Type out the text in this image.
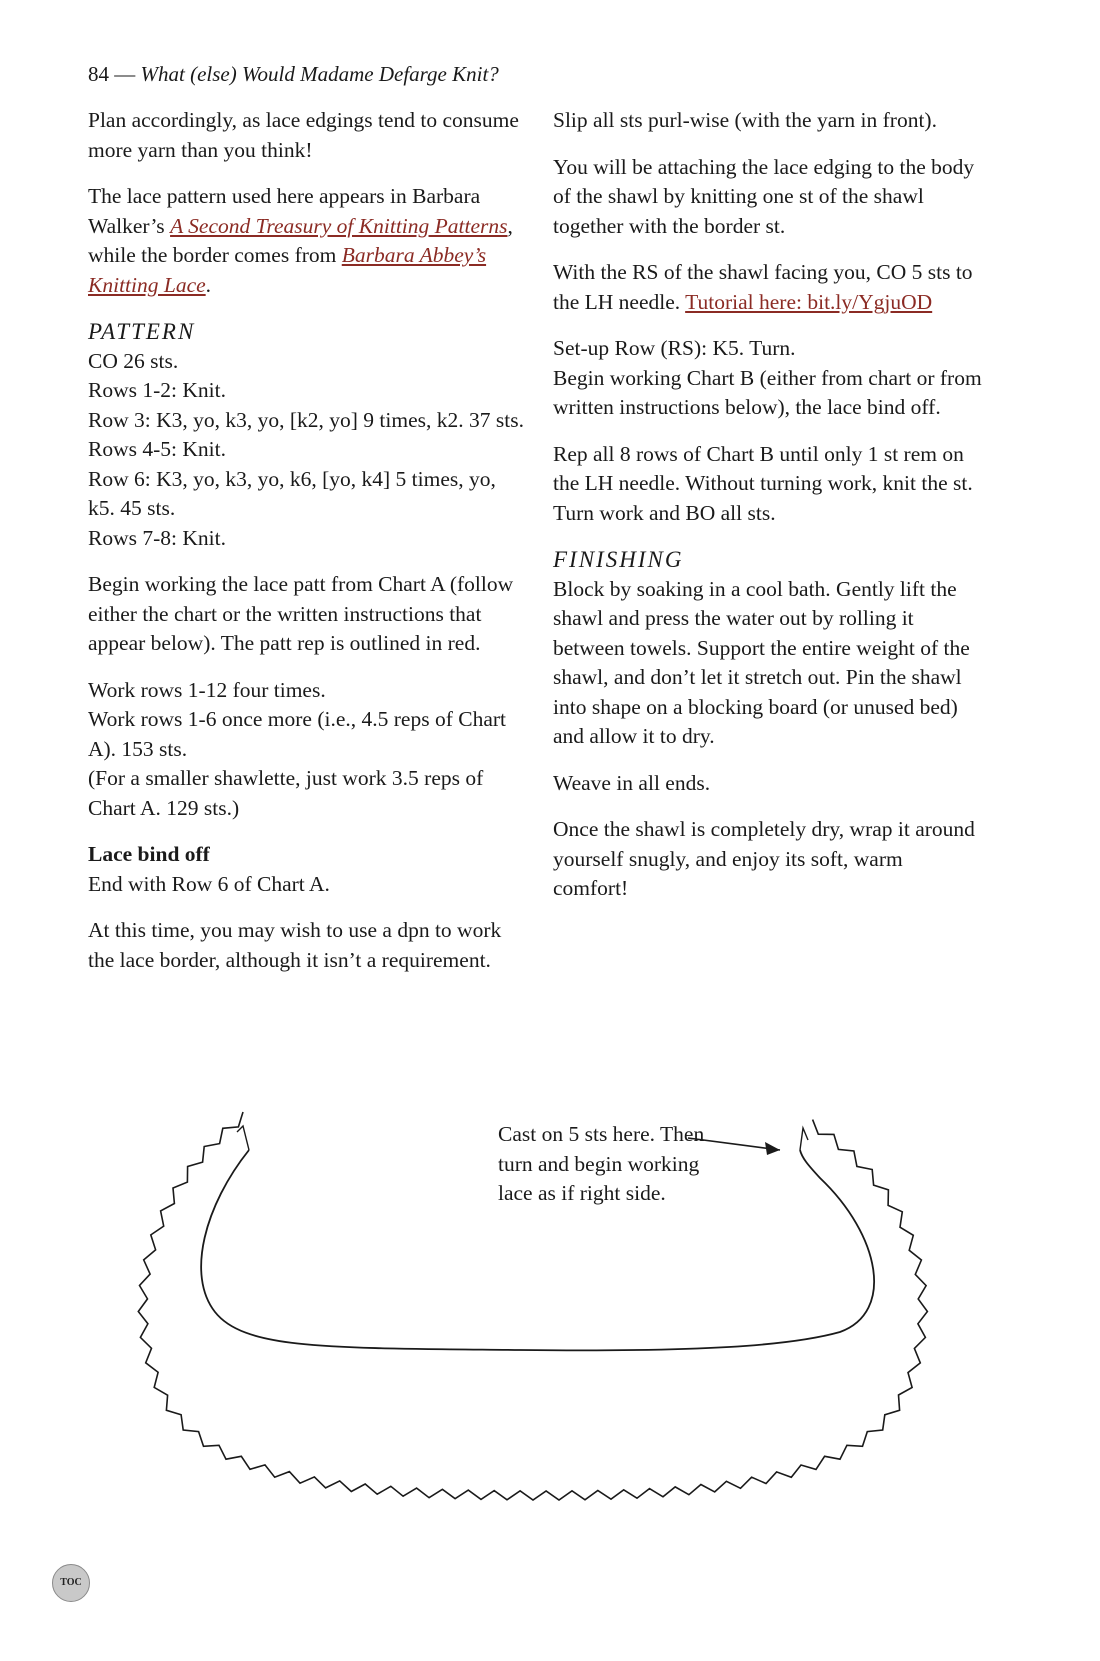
84 — What (else) Would Madame Defarge Knit?

Plan accordingly, as lace edgings tend to consume more yarn than you think!

The lace pattern used here appears in Barbara Walker’s A Second Treasury of Knitting Patterns, while the border comes from Barbara Abbey’s Knitting Lace.

PATTERN
CO 26 sts.
Rows 1-2: Knit.
Row 3: K3, yo, k3, yo, [k2, yo] 9 times, k2. 37 sts.
Rows 4-5: Knit.
Row 6: K3, yo, k3, yo, k6, [yo, k4] 5 times, yo, k5. 45 sts.
Rows 7-8: Knit.

Begin working the lace patt from Chart A (follow either the chart or the written instructions that appear below). The patt rep is outlined in red.

Work rows 1-12 four times.
Work rows 1-6 once more (i.e., 4.5 reps of Chart A). 153 sts.
(For a smaller shawlette, just work 3.5 reps of Chart A. 129 sts.)
Lace bind off
End with Row 6 of Chart A.

At this time, you may wish to use a dpn to work the lace border, although it isn’t a requirement.

Slip all sts purl-wise (with the yarn in front).

You will be attaching the lace edging to the body of the shawl by knitting one st of the shawl together with the border st.

With the RS of the shawl facing you, CO 5 sts to the LH needle. Tutorial here: bit.ly/YgjuOD

Set-up Row (RS): K5. Turn.
Begin working Chart B (either from chart or from written instructions below), the lace bind off.

Rep all 8 rows of Chart B until only 1 st rem on the LH needle. Without turning work, knit the st. Turn work and BO all sts.

FINISHING
Block by soaking in a cool bath. Gently lift the shawl and press the water out by rolling it between towels. Support the entire weight of the shawl, and don’t let it stretch out. Pin the shawl into shape on a blocking board (or unused bed) and allow it to dry.

Weave in all ends.

Once the shawl is completely dry, wrap it around yourself snugly, and enjoy its soft, warm comfort!

Cast on 5 sts here. Then turn and begin working lace as if right side.
TOC
